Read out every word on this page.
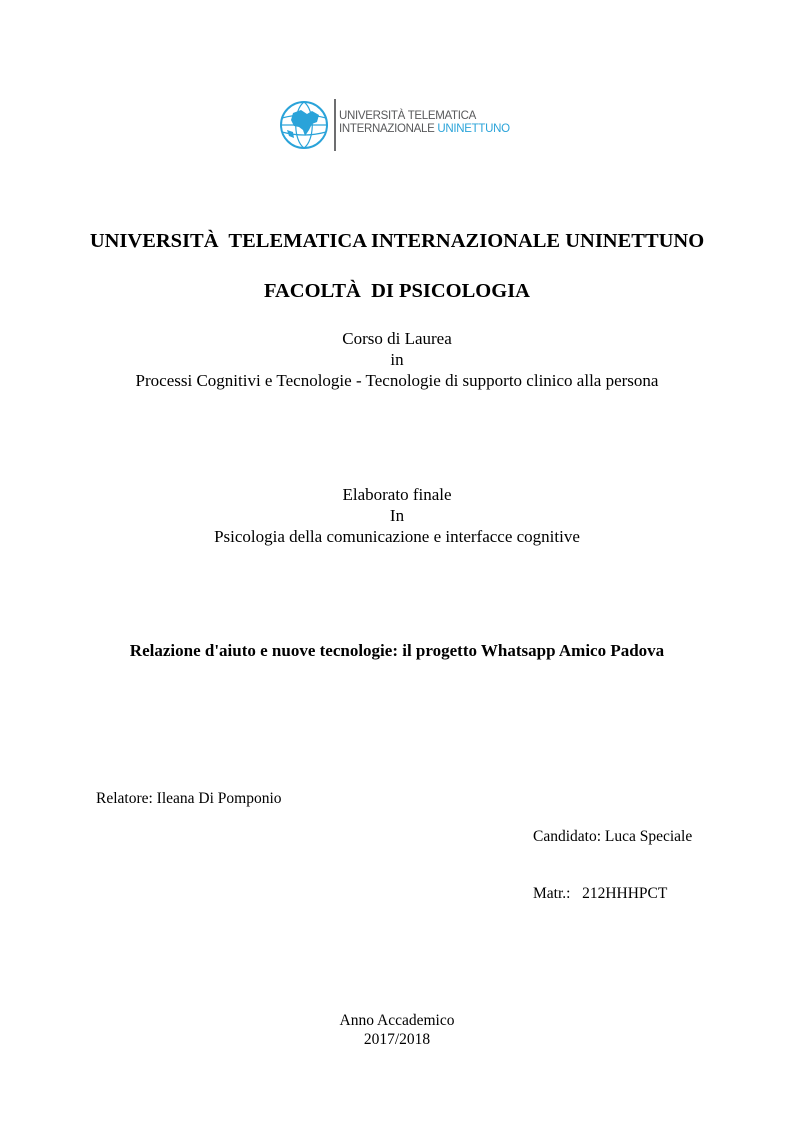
UNIVERSITÀ TELEMATICA
INTERNAZIONALE UNINETTUNO
UNIVERSITÀ  TELEMATICA INTERNAZIONALE UNINETTUNO
FACOLTÀ  DI PSICOLOGIA
Corso di Laurea
in
Processi Cognitivi e Tecnologie - Tecnologie di supporto clinico alla persona
Elaborato finale
In
Psicologia della comunicazione e interfacce cognitive
Relazione d'aiuto e nuove tecnologie: il progetto Whatsapp Amico Padova
Relatore: Ileana Di Pomponio

Candidato: Luca Speciale

Matr.:   212HHHPCT

Anno Accademico
2017/2018
